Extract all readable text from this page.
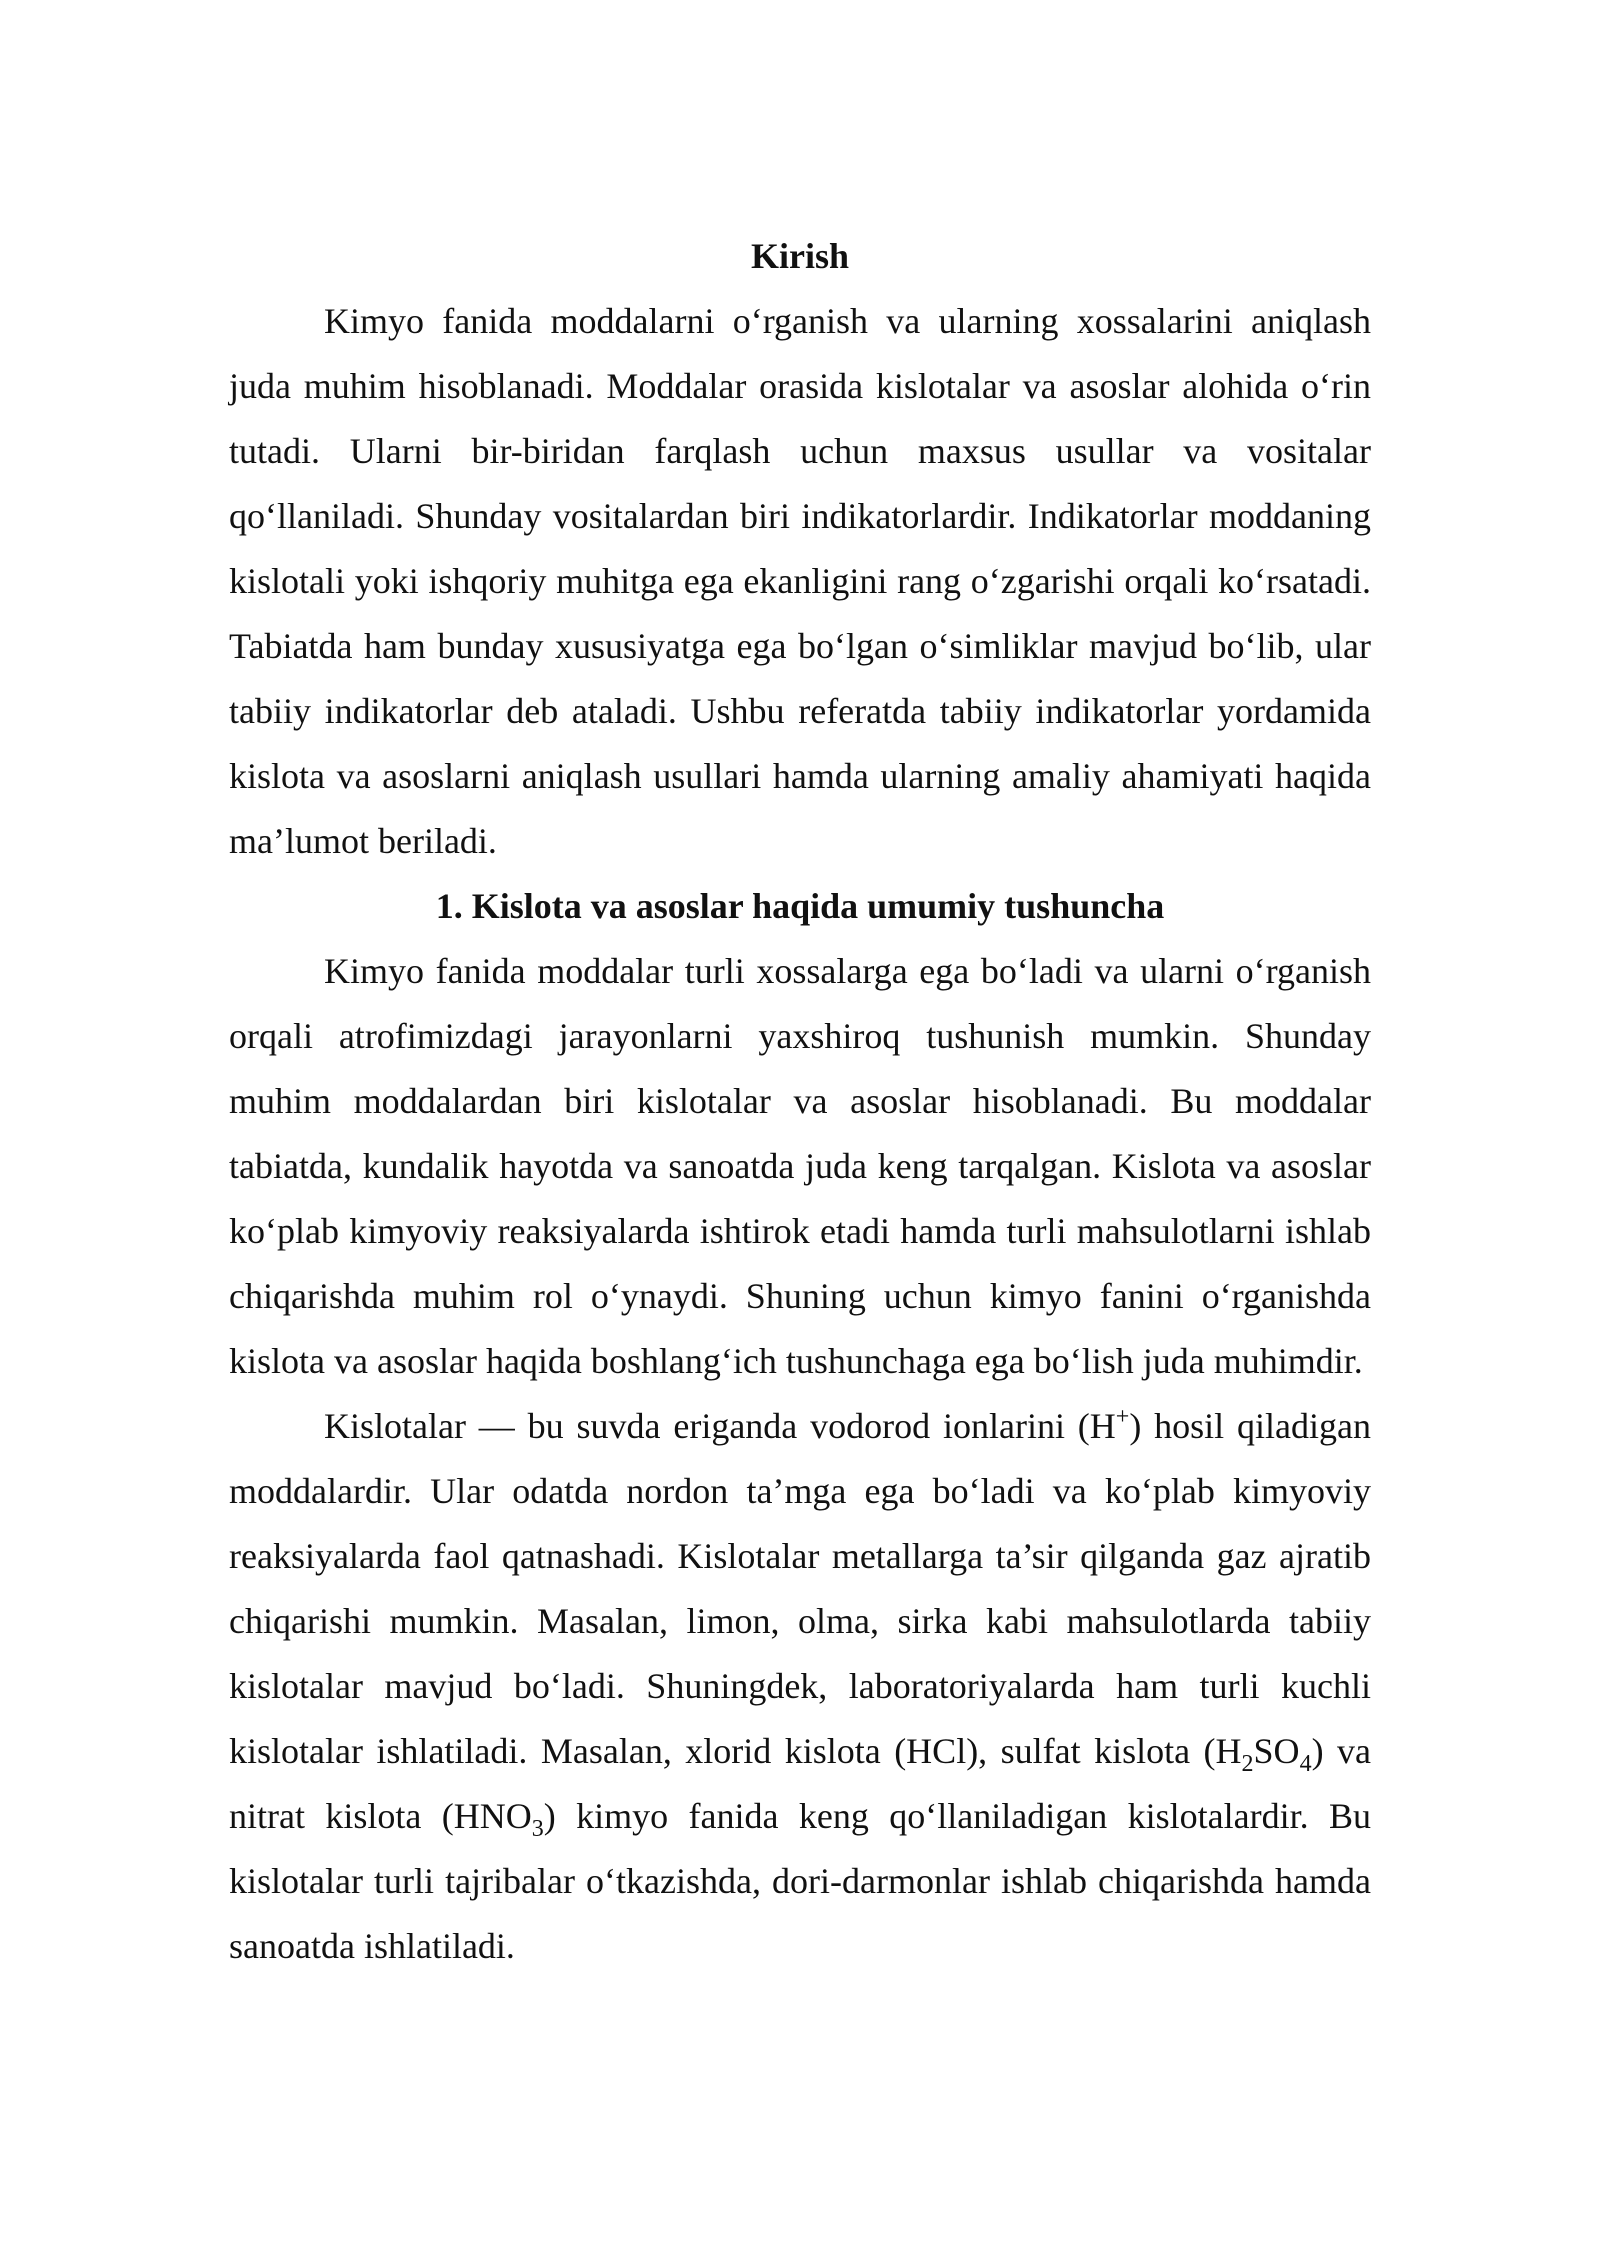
Kirish

Kimyo fanida moddalarni o‘rganish va ularning xossalarini aniqlash juda muhim hisoblanadi. Moddalar orasida kislotalar va asoslar alohida o‘rin tutadi. Ularni bir-biridan farqlash uchun maxsus usullar va vositalar qo‘llaniladi. Shunday vositalardan biri indikatorlardir. Indikatorlar moddaning kislotali yoki ishqoriy muhitga ega ekanligini rang o‘zgarishi orqali ko‘rsatadi. Tabiatda ham bunday xususiyatga ega bo‘lgan o‘simliklar mavjud bo‘lib, ular tabiiy indikatorlar deb ataladi. Ushbu referatda tabiiy indikatorlar yordamida kislota va asoslarni aniqlash usullari hamda ularning amaliy ahamiyati haqida ma’lumot beriladi.

1. Kislota va asoslar haqida umumiy tushuncha

Kimyo fanida moddalar turli xossalarga ega bo‘ladi va ularni o‘rganish orqali atrofimizdagi jarayonlarni yaxshiroq tushunish mumkin. Shunday muhim moddalardan biri kislotalar va asoslar hisoblanadi. Bu moddalar tabiatda, kundalik hayotda va sanoatda juda keng tarqalgan. Kislota va asoslar ko‘plab kimyoviy reaksiyalarda ishtirok etadi hamda turli mahsulotlarni ishlab chiqarishda muhim rol o‘ynaydi. Shuning uchun kimyo fanini o‘rganishda kislota va asoslar haqida boshlang‘ich tushunchaga ega bo‘lish juda muhimdir.

Kislotalar — bu suvda eriganda vodorod ionlarini (H+) hosil qiladigan moddalardir. Ular odatda nordon ta’mga ega bo‘ladi va ko‘plab kimyoviy reaksiyalarda faol qatnashadi. Kislotalar metallarga ta’sir qilganda gaz ajratib chiqarishi mumkin. Masalan, limon, olma, sirka kabi mahsulotlarda tabiiy kislotalar mavjud bo‘ladi. Shuningdek, laboratoriyalarda ham turli kuchli kislotalar ishlatiladi. Masalan, xlorid kislota (HCl), sulfat kislota $(H_2SO_4)$ va nitrat kislota $(HNO_3)$ kimyo fanida keng qo‘llaniladigan kislotalardir. Bu kislotalar turli tajribalar o‘tkazishda, dori-darmonlar ishlab chiqarishda hamda sanoatda ishlatiladi.
